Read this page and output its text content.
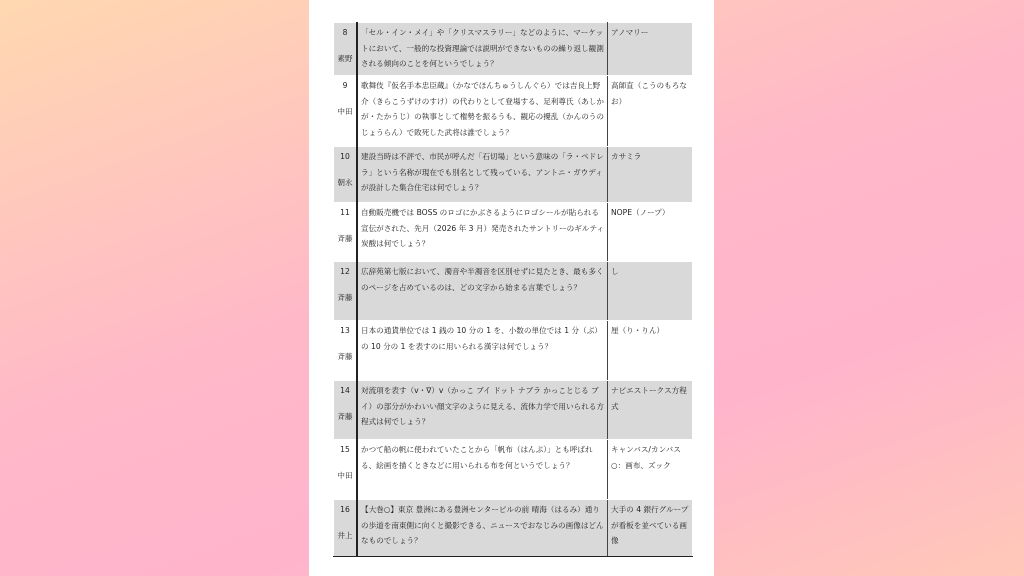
8
素野	「セル・イン・メイ」や「クリスマスラリー」などのように、マーケットにおいて、一般的な投資理論では説明ができないものの繰り返し観測される傾向のことを何というでしょう？	アノマリー

9
中田	歌舞伎『仮名手本忠臣蔵』（かなでほんちゅうしんぐら）では吉良上野介（きらこうずけのすけ）の代わりとして登場する、足利尊氏（あしかが・たかうじ）の執事として権勢を振るうも、観応の擾乱（かんのうのじょうらん）で敗死した武将は誰でしょう？	高師直（こうのもろなお）

10
朝永	建設当時は不評で、市民が呼んだ「石切場」という意味の「ラ・ペドレラ」という名称が現在でも別名として残っている、アントニ・ガウディが設計した集合住宅は何でしょう？	カサミラ

11
斉藤	自動販売機では BOSS のロゴにかぶさるようにロゴシールが貼られる宣伝がされた、先月（2026 年 3 月）発売されたサントリーのギルティ炭酸は何でしょう？	NOPE（ノープ）

12
斉藤	広辞苑第七版において、濁音や半濁音を区別せずに見たとき、最も多くのページを占めているのは、どの文字から始まる言葉でしょう？	し

13
斉藤	日本の通貨単位では 1 銭の 10 分の 1 を、小数の単位では 1 分（ぶ）の 10 分の 1 を表すのに用いられる漢字は何でしょう？	厘（り・りん）

14
斉藤	対流項を表す（v・∇）v（かっこ ブイ ドット ナブラ かっことじる ブイ）の部分がかわいい顔文字のように見える、流体力学で用いられる方程式は何でしょう？	ナビエストークス方程式

15
中田	かつて船の帆に使われていたことから「帆布（はんぷ）」とも呼ばれる、絵画を描くときなどに用いられる布を何というでしょう？	キャンバス/カンバス ○：画布、ズック

16
井上	【大巻○】東京 豊洲にある豊洲センタービルの前 晴海（はるみ）通りの歩道を南東側に向くと撮影できる、ニュースでおなじみの画像はどんなものでしょう？	大手の 4 銀行グループが看板を並べている画像
